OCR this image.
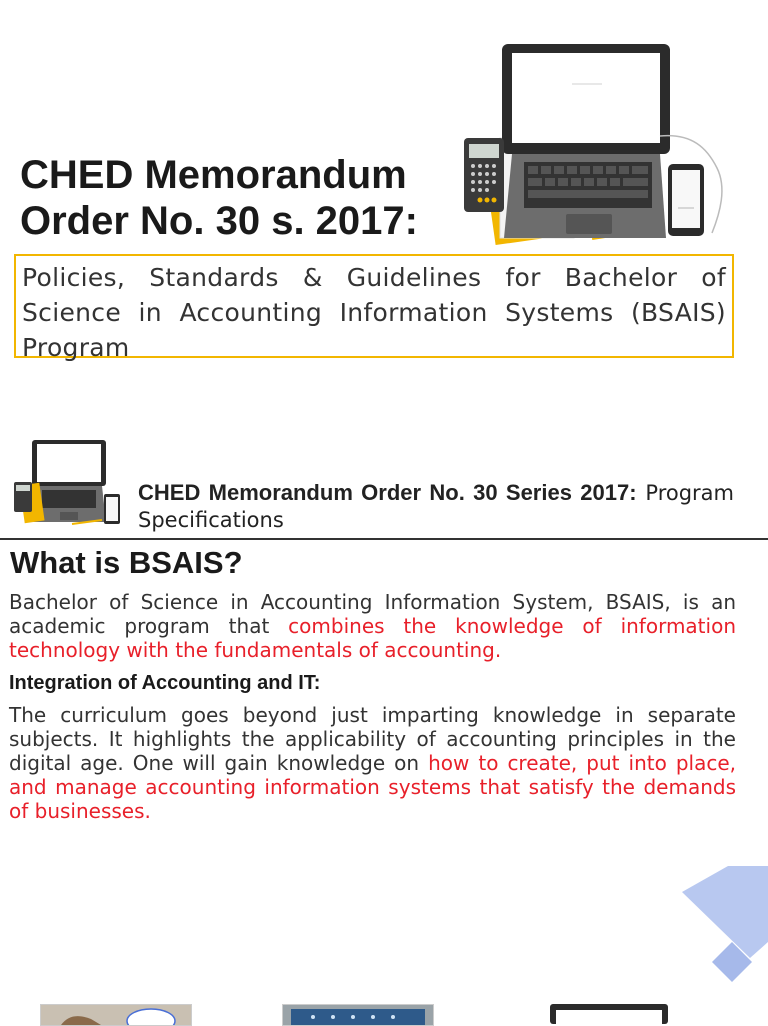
CHED Memorandum
Order No. 30 s. 2017:

Policies, Standards & Guidelines for Bachelor of Science in Accounting Information Systems (BSAIS) Program

CHED Memorandum Order No. 30 Series 2017: Program Specifications
What is BSAIS?

Bachelor of Science in Accounting Information System, BSAIS, is an academic program that combines the knowledge of information technology with the fundamentals of accounting.

Integration of Accounting and IT:

The curriculum goes beyond just imparting knowledge in separate subjects. It highlights the applicability of accounting principles in the digital age. One will gain knowledge on how to create, put into place, and manage accounting information systems that satisfy the demands of businesses.
